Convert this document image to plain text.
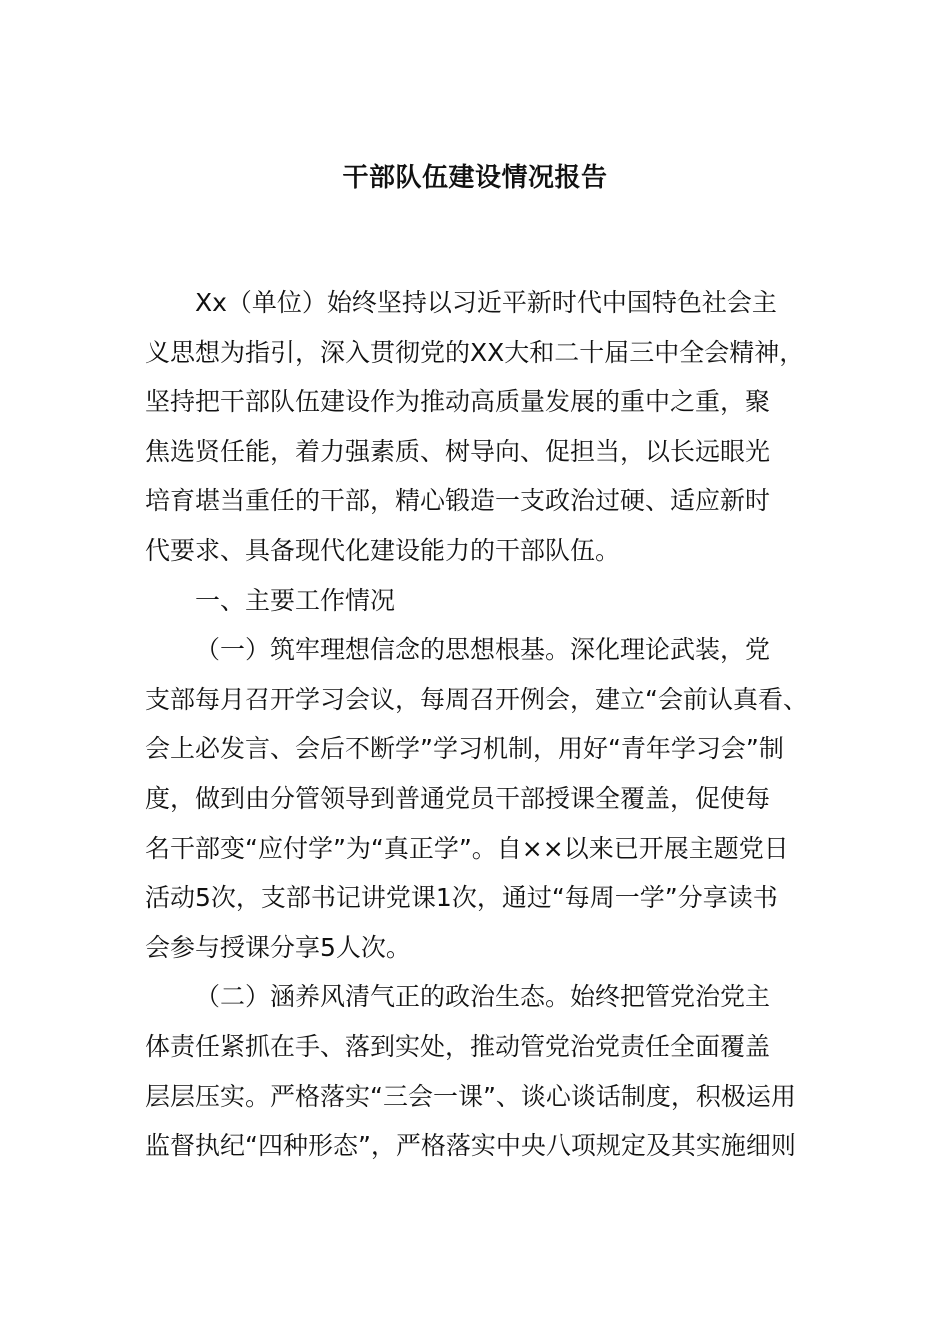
干部队伍建设情况报告
Xx（单位）始终坚持以习近平新时代中国特色社会主
义思想为指引，深入贯彻党的XX大和二十届三中全会精神，
坚持把干部队伍建设作为推动高质量发展的重中之重，聚
焦选贤任能，着力强素质、树导向、促担当，以长远眼光
培育堪当重任的干部，精心锻造一支政治过硬、适应新时
代要求、具备现代化建设能力的干部队伍。
一、主要工作情况
（一）筑牢理想信念的思想根基。深化理论武装，党
支部每月召开学习会议，每周召开例会，建立“会前认真看、
会上必发言、会后不断学”学习机制，用好“青年学习会”制
度，做到由分管领导到普通党员干部授课全覆盖，促使每
名干部变“应付学”为“真正学”。自××以来已开展主题党日
活动5次，支部书记讲党课1次，通过“每周一学”分享读书
会参与授课分享5人次。
（二）涵养风清气正的政治生态。始终把管党治党主
体责任紧抓在手、落到实处，推动管党治党责任全面覆盖
层层压实。严格落实“三会一课”、谈心谈话制度，积极运用
监督执纪“四种形态”，严格落实中央八项规定及其实施细则
